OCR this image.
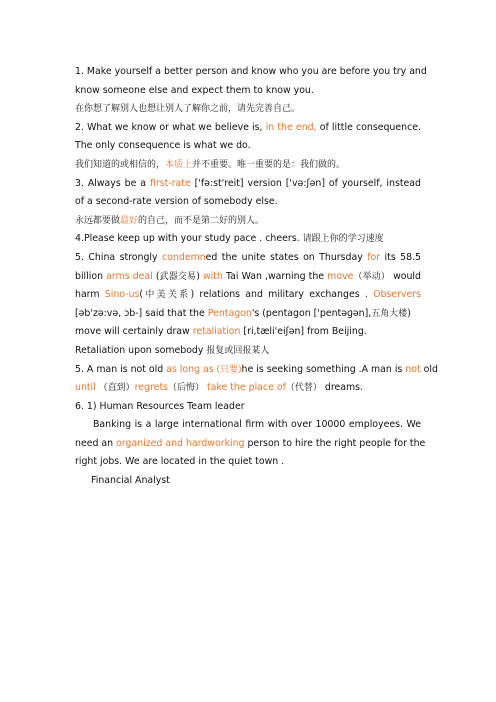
1. Make yourself a better person and know who you are before you try and
know someone else and expect them to know you.
在你想了解别人也想让别人了解你之前，请先完善自己。
2. What we know or what we believe is, in the end, of little consequence.
The only consequence is what we do.
我们知道的或相信的，本质上并不重要。唯一重要的是：我们做的。
3. Always be a first-rate ['fə:st'reit] version ['və:ʃən] of yourself, instead
of a second-rate version of somebody else.
永远都要做最好的自己，而不是第二好的别人。
4.Please keep up with your study pace . cheers. 请跟上你的学习速度
5. China strongly condemned the unite states on Thursday for its 58.5
billion arms deal (武器交易) with Tai Wan ,warning the move（举动） would
harm Sino-us(中美关系) relations and military exchanges . Observers
[əb'zə:və, ɔb-] said that the Pentagon's (pentagon ['pentəɡən],五角大楼)
move will certainly draw retaliation [ri,tæli'eiʃən] from Beijing.
Retaliation upon somebody 报复或回报某人
5. A man is not old as long as (只要)he is seeking something .A man is not old
until （直到）regrets（后悔） take the place of（代替） dreams.
6. 1) Human Resources Team leader
Banking is a large international firm with over 10000 employees. We
need an organized and hardworking person to hire the right people for the
right jobs. We are located in the quiet town .
Financial Analyst
